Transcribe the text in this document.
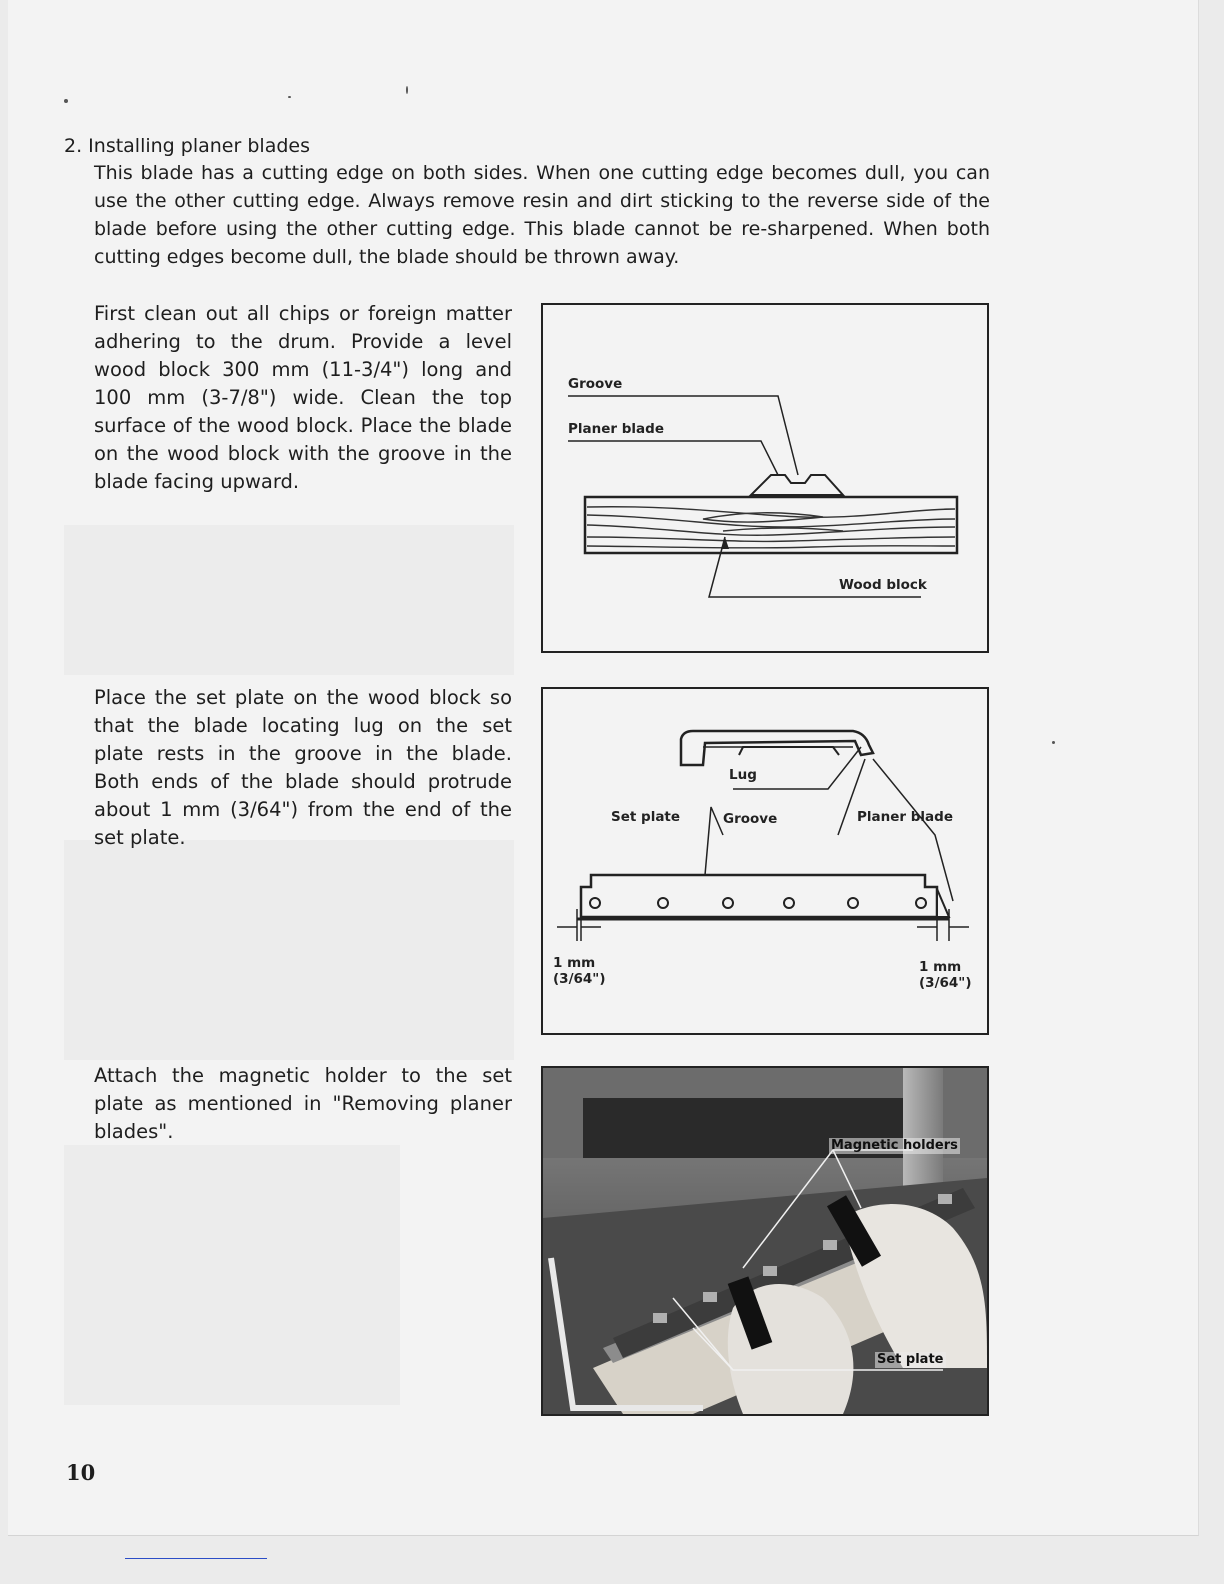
2. Installing planer blades
This blade has a cutting edge on both sides. When one cutting edge becomes dull, you can use the other cutting edge. Always remove resin and dirt sticking to the reverse side of the blade before using the other cutting edge. This blade cannot be re-sharpened. When both cutting edges become dull, the blade should be thrown away.
First clean out all chips or foreign matter adhering to the drum. Provide a level wood block 300 mm (11-3/4") long and 100 mm (3-7/8") wide. Clean the top surface of the wood block. Place the blade on the wood block with the groove in the blade facing upward.
Place the set plate on the wood block so that the blade locating lug on the set plate rests in the groove in the blade. Both ends of the blade should protrude about 1 mm (3/64") from the end of the set plate.
Attach the magnetic holder to the set plate as mentioned in "Removing planer blades".
Groove
Planer blade
Wood block
Lug
Set plate	Groove	Planer blade
1 mm
(3/64")
1 mm
(3/64")
Magnetic holders
Set plate
10
